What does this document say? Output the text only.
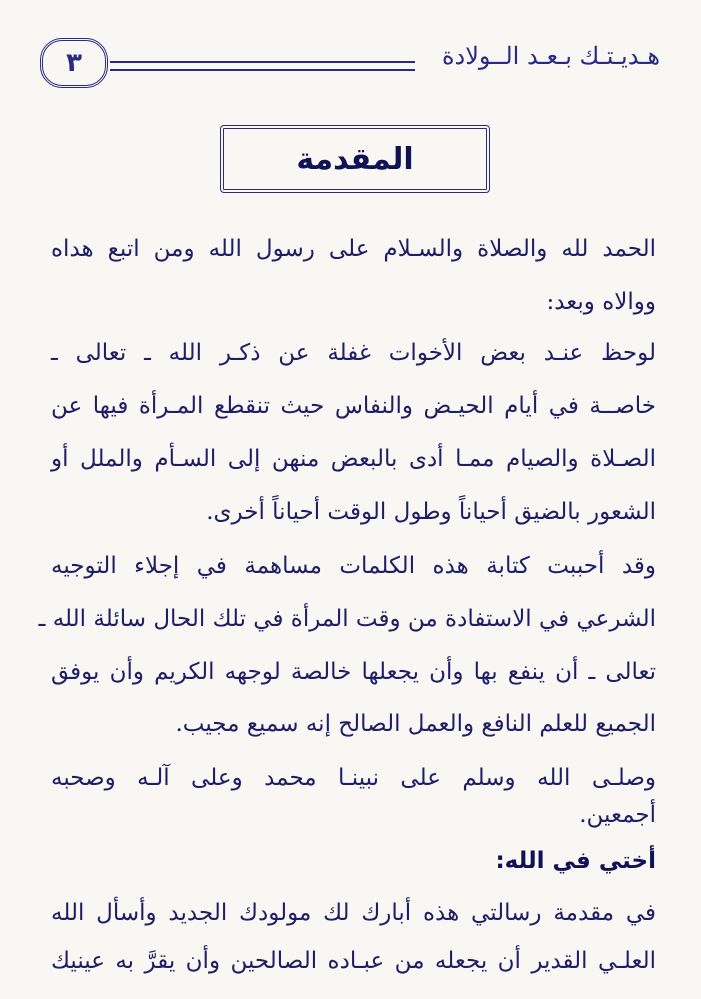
هـديـتـك بـعـد الــولادة
٣
المقدمة
الحمد لله والصلاة والسـلام على رسول الله ومن اتبع هداه
ووالاه وبعد:
لوحظ عنـد بعض الأخوات غفلة عن ذكـر الله ـ تعالى ـ
خاصــة في أيام الحيـض والنفاس حيث تنقطع المـرأة فيها عن
الصـلاة والصيام ممـا أدى بالبعض منهن إلى السـأم والملل أو
الشعور بالضيق أحياناً وطول الوقت أحياناً أخرى.
وقد أحببت كتابة هذه الكلمات مساهمة في إجلاء التوجيه
الشرعي في الاستفادة من وقت المرأة في تلك الحال سائلة الله ـ
تعالى ـ أن ينفع بها وأن يجعلها خالصة لوجهه الكريم وأن يوفق
الجميع للعلم النافع والعمل الصالح إنه سميع مجيب.
وصلـى الله وسلم على نبينـا محمد وعلى آلـه وصحبه
أجمعين.
أختي في الله:
في مقدمة رسالتي هذه أبارك لك مولودك الجديد وأسأل الله
العلـي القدير أن يجعله من عبـاده الصالحين وأن يقرَّ به عينيك
